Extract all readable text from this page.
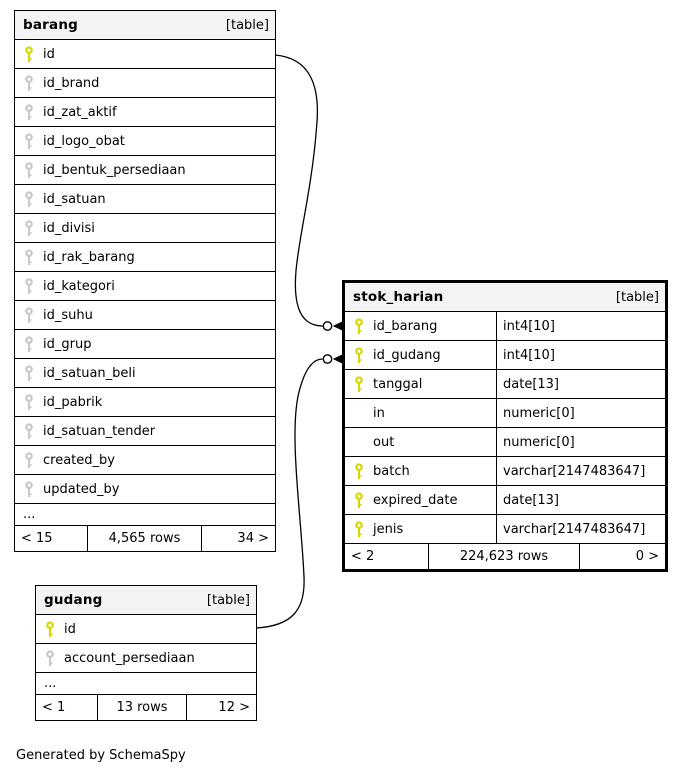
barang	[table]
id
id_brand
id_zat_aktif
id_logo_obat
id_bentuk_persediaan
id_satuan
id_divisi
id_rak_barang
id_kategori
id_suhu
id_grup
id_satuan_beli
id_pabrik
id_satuan_tender
created_by
updated_by
...
< 15	4,565 rows	34 >
stok_harian	[table]
id_barang	int4[10]
id_gudang	int4[10]
tanggal	date[13]
in	numeric[0]
out	numeric[0]
batch	varchar[2147483647]
expired_date	date[13]
jenis	varchar[2147483647]
< 2	224,623 rows	0 >
gudang	[table]
id
account_persediaan
...
< 1	13 rows	12 >
Generated by SchemaSpy
